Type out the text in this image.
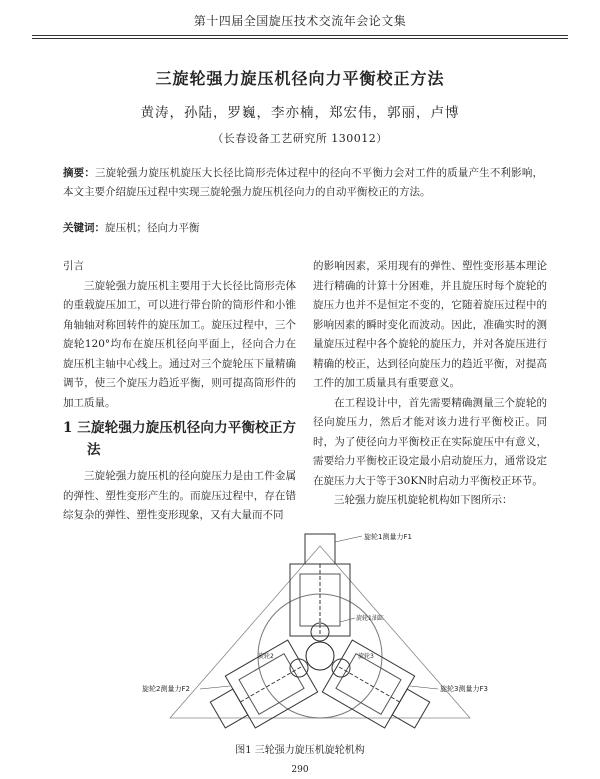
第十四届全国旋压技术交流年会论文集
三旋轮强力旋压机径向力平衡校正方法
黄涛，孙陆，罗巍，李亦楠，郑宏伟，郭丽，卢博
（长春设备工艺研究所 130012）
摘要：三旋轮强力旋压机旋压大长径比筒形壳体过程中的径向不平衡力会对工件的质量产生不利影响，本文主要介绍旋压过程中实现三旋轮强力旋压机径向力的自动平衡校正的方法。
关键词：旋压机；径向力平衡

引言

三旋轮强力旋压机主要用于大长径比筒形壳体的重载旋压加工，可以进行带台阶的筒形件和小锥角轴轴对称回转件的旋压加工。旋压过程中，三个旋轮120°均布在旋压机径向平面上，径向合力在旋压机主轴中心线上。通过对三个旋轮压下量精确调节，使三个旋压力趋近平衡，则可提高筒形件的加工质量。

1 三旋轮强力旋压机径向力平衡校正方法

三旋轮强力旋压机的径向旋压力是由工件金属的弹性、塑性变形产生的。而旋压过程中，存在错综复杂的弹性、塑性变形现象，又有大量而不同

的影响因素，采用现有的弹性、塑性变形基本理论进行精确的计算十分困难，并且旋压时每个旋轮的旋压力也并不是恒定不变的，它随着旋压过程中的影响因素的瞬时变化而波动。因此，准确实时的测量旋压过程中各个旋轮的旋压力，并对各旋压进行精确的校正，达到径向旋压力的趋近平衡，对提高工件的加工质量具有重要意义。

在工程设计中，首先需要精确测量三个旋轮的径向旋压力，然后才能对该力进行平衡校正。同时，为了使径向力平衡校正在实际旋压中有意义，需要给力平衡校正设定最小启动旋压力，通常设定在旋压力大于等于30KN时启动力平衡校正环节。

三轮强力旋压机旋轮机构如下图所示：

旋轮1测量力F1
旋轮2测量力F2	旋轮3测量力F3
旋轮1油缸
旋轮2	旋轮3
图1 三轮强力旋压机旋轮机构
290
